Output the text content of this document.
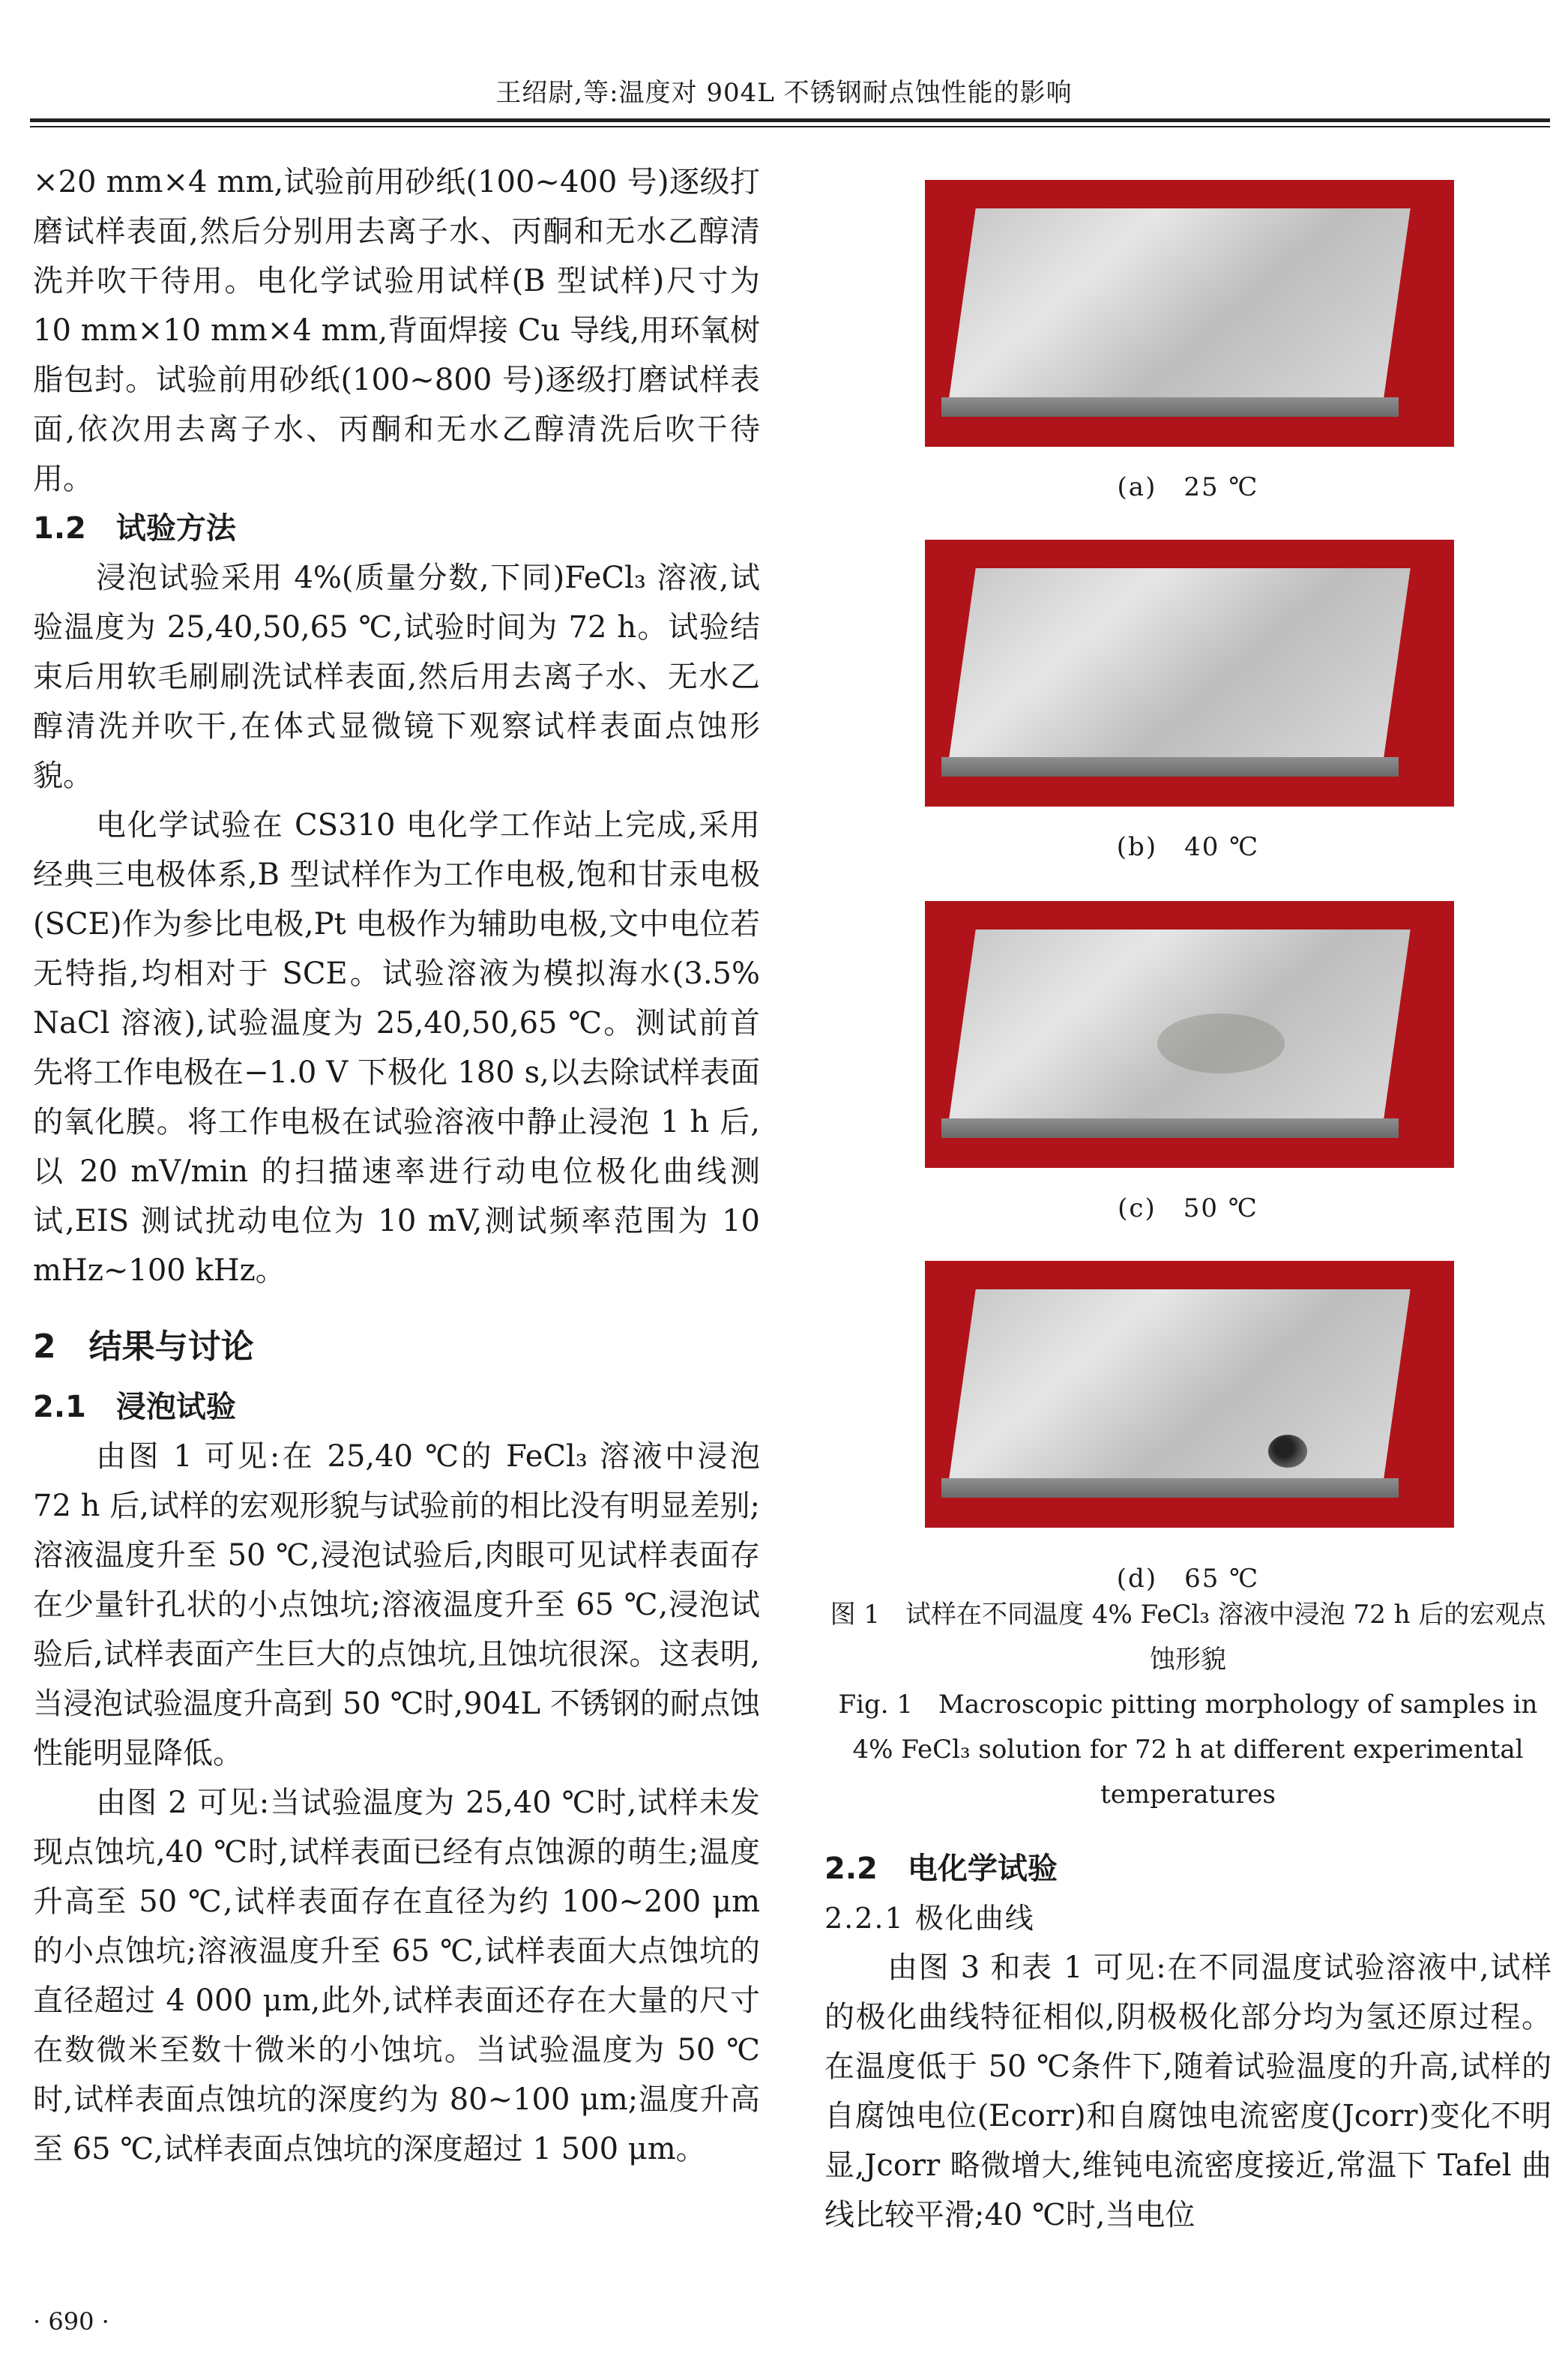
王绍尉,等:温度对 904L 不锈钢耐点蚀性能的影响

×20 mm×4 mm,试验前用砂纸(100~400 号)逐级打磨试样表面,然后分别用去离子水、丙酮和无水乙醇清洗并吹干待用。电化学试验用试样(B 型试样)尺寸为 10 mm×10 mm×4 mm,背面焊接 Cu 导线,用环氧树脂包封。试验前用砂纸(100~800 号)逐级打磨试样表面,依次用去离子水、丙酮和无水乙醇清洗后吹干待用。

1.2　试验方法

浸泡试验采用 4%(质量分数,下同)FeCl₃ 溶液,试验温度为 25,40,50,65 ℃,试验时间为 72 h。试验结束后用软毛刷刷洗试样表面,然后用去离子水、无水乙醇清洗并吹干,在体式显微镜下观察试样表面点蚀形貌。

电化学试验在 CS310 电化学工作站上完成,采用经典三电极体系,B 型试样作为工作电极,饱和甘汞电极(SCE)作为参比电极,Pt 电极作为辅助电极,文中电位若无特指,均相对于 SCE。试验溶液为模拟海水(3.5% NaCl 溶液),试验温度为 25,40,50,65 ℃。测试前首先将工作电极在−1.0 V 下极化 180 s,以去除试样表面的氧化膜。将工作电极在试验溶液中静止浸泡 1 h 后,以 20 mV/min 的扫描速率进行动电位极化曲线测试,EIS 测试扰动电位为 10 mV,测试频率范围为 10 mHz~100 kHz。

2　结果与讨论
2.1　浸泡试验

由图 1 可见:在 25,40 ℃的 FeCl₃ 溶液中浸泡 72 h 后,试样的宏观形貌与试验前的相比没有明显差别;溶液温度升至 50 ℃,浸泡试验后,肉眼可见试样表面存在少量针孔状的小点蚀坑;溶液温度升至 65 ℃,浸泡试验后,试样表面产生巨大的点蚀坑,且蚀坑很深。这表明,当浸泡试验温度升高到 50 ℃时,904L 不锈钢的耐点蚀性能明显降低。

由图 2 可见:当试验温度为 25,40 ℃时,试样未发现点蚀坑,40 ℃时,试样表面已经有点蚀源的萌生;温度升高至 50 ℃,试样表面存在直径为约 100~200 μm 的小点蚀坑;溶液温度升至 65 ℃,试样表面大点蚀坑的直径超过 4 000 μm,此外,试样表面还存在大量的尺寸在数微米至数十微米的小蚀坑。当试验温度为 50 ℃时,试样表面点蚀坑的深度约为 80~100 μm;温度升高至 65 ℃,试样表面点蚀坑的深度超过 1 500 μm。

(a)　25 ℃
(b)　40 ℃
(c)　50 ℃
(d)　65 ℃
图 1　试样在不同温度 4% FeCl₃ 溶液中浸泡 72 h 后的宏观点蚀形貌
Fig. 1　Macroscopic pitting morphology of samples in 4% FeCl₃ solution for 72 h at different experimental temperatures
2.2　电化学试验
2.2.1 极化曲线

由图 3 和表 1 可见:在不同温度试验溶液中,试样的极化曲线特征相似,阴极极化部分均为氢还原过程。在温度低于 50 ℃条件下,随着试验温度的升高,试样的自腐蚀电位(Ecorr)和自腐蚀电流密度(Jcorr)变化不明显,Jcorr 略微增大,维钝电流密度接近,常温下 Tafel 曲线比较平滑;40 ℃时,当电位

· 690 ·
